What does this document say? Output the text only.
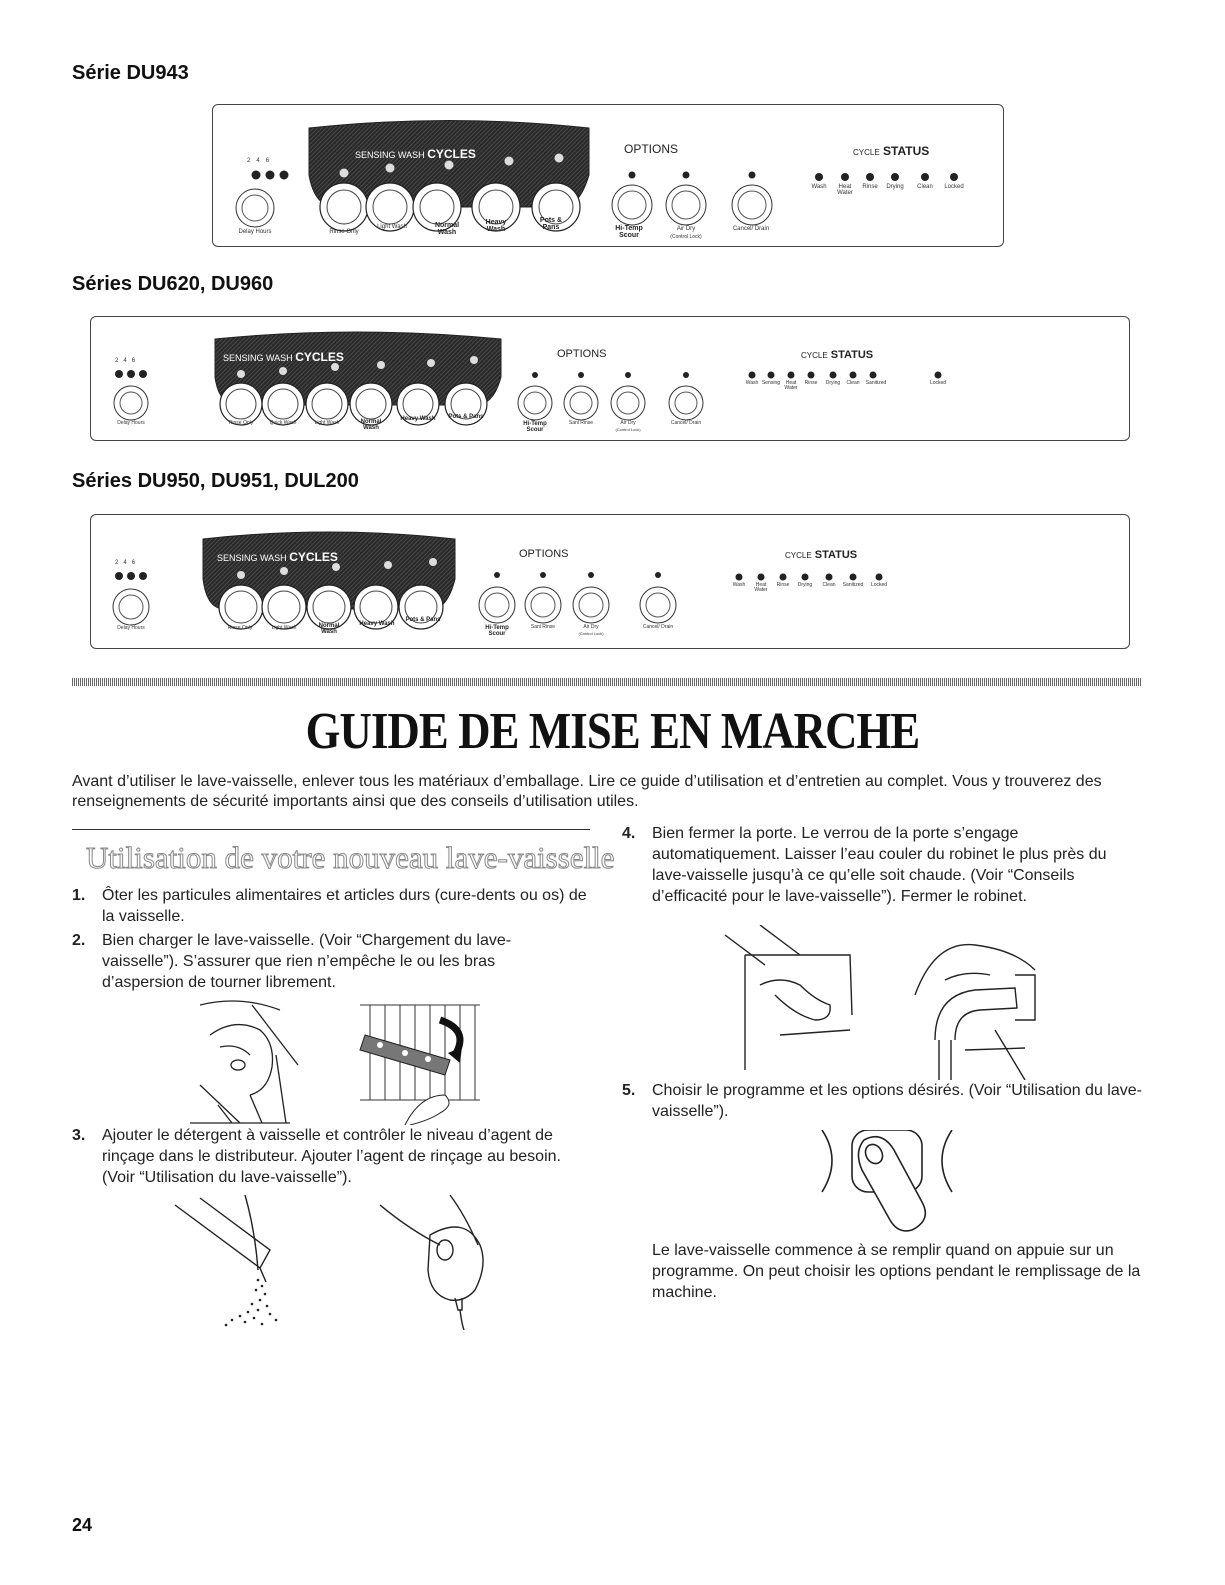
Série DU943
Séries DU620, DU960
Séries DU950, DU951, DUL200
SENSING WASH CYCLES	OPTIONS	CYCLE STATUS
246
Delay Hours	Rinse Only
Light Wash	Normal Wash
Heavy Wash
Pots & Pans	Hi-Temp Scour
Air Dry
(Control Lock)
Cancel/ Drain
Wash	Heat Water
Rinse	Drying	Clean	Locked
SENSING WASH CYCLES	OPTIONS	CYCLE STATUS
246
Delay Hours	Rinse Only	Quick Wash	Light Wash	Normal Wash
Heavy Wash Pots & Pans
Hi-Temp Scour
Sani Rinse	Air Dry
(Control Lock)
Cancel/ Drain
Wash Sensing	Heat Water
Rinse	Drying	Clean	Sanitized	Locked
SENSING WASH CYCLES	OPTIONS	CYCLE STATUS
246
Delay Hours	Rinse Only	Light Wash	Normal Wash
Heavy Wash
Pots & Pans
Hi-Temp Scour
Sani Rinse	Air Dry
(Control Lock)
Cancel/ Drain
Wash	Heat Water
Rinse	Drying	Clean	Sanitized	Locked
GUIDE DE MISE EN MARCHE

Avant d’utiliser le lave-vaisselle, enlever tous les matériaux d’emballage. Lire ce guide d’utilisation et d’entretien au complet. Vous y trouverez des renseignements de sécurité importants ainsi que des conseils d’utilisation utiles.

Utilisation de votre nouveau lave-vaisselle
1. Ôter les particules alimentaires et articles durs (cure-dents ou os) de la vaisselle.
2. Bien charger le lave-vaisselle. (Voir “Chargement du lave-vaisselle”). S’assurer que rien n’empêche le ou les bras d’aspersion de tourner librement.
3. Ajouter le détergent à vaisselle et contrôler le niveau d’agent de rinçage dans le distributeur. Ajouter l’agent de rinçage au besoin. (Voir “Utilisation du lave-vaisselle”).
4. Bien fermer la porte. Le verrou de la porte s’engage automatiquement. Laisser l’eau couler du robinet le plus près du lave-vaisselle jusqu’à ce qu’elle soit chaude. (Voir “Conseils d’efficacité pour le lave-vaisselle”). Fermer le robinet.
5. Choisir le programme et les options désirés. (Voir “Utilisation du lave-vaisselle”).

Le lave-vaisselle commence à se remplir quand on appuie sur un programme. On peut choisir les options pendant le remplissage de la machine.

24
